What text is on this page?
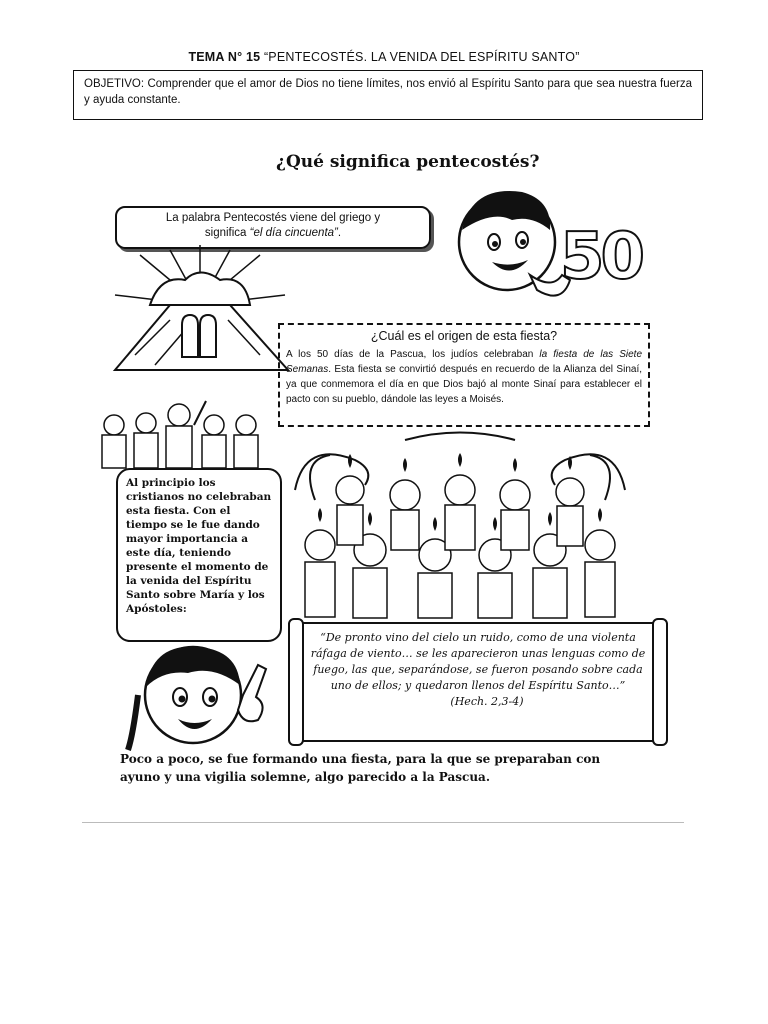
TEMA N° 15 “PENTECOSTÉS. LA VENIDA DEL ESPÍRITU SANTO”
OBJETIVO: Comprender que el amor de Dios no tiene límites, nos envió al Espíritu Santo para que sea nuestra fuerza y ayuda constante.
¿Qué significa pentecostés?
La palabra Pentecostés viene del griego y
significa “el día cincuenta”.	50
¿Cuál es el origen de esta fiesta?
A los 50 días de la Pascua, los judíos celebraban la fiesta de las Siete Semanas. Esta fiesta se convirtió después en recuerdo de la Alianza del Sinaí, ya que conmemora el día en que Dios bajó al monte Sinaí para establecer el pacto con su pueblo, dándole las leyes a Moisés.
Al principio los cristianos no celebraban esta fiesta. Con el tiempo se le fue dando mayor importancia a este día, teniendo presente el momento de la venida del Espíritu Santo sobre María y los Apóstoles:
“De pronto vino del cielo un ruido, como de una violenta ráfaga de viento… se les aparecieron unas lenguas como de fuego, las que, separándose, se fueron posando sobre cada uno de ellos; y quedaron llenos del Espíritu Santo…” (Hech. 2,3-4)
Poco a poco, se fue formando una fiesta, para la que se preparaban con ayuno y una vigilia solemne, algo parecido a la Pascua.
